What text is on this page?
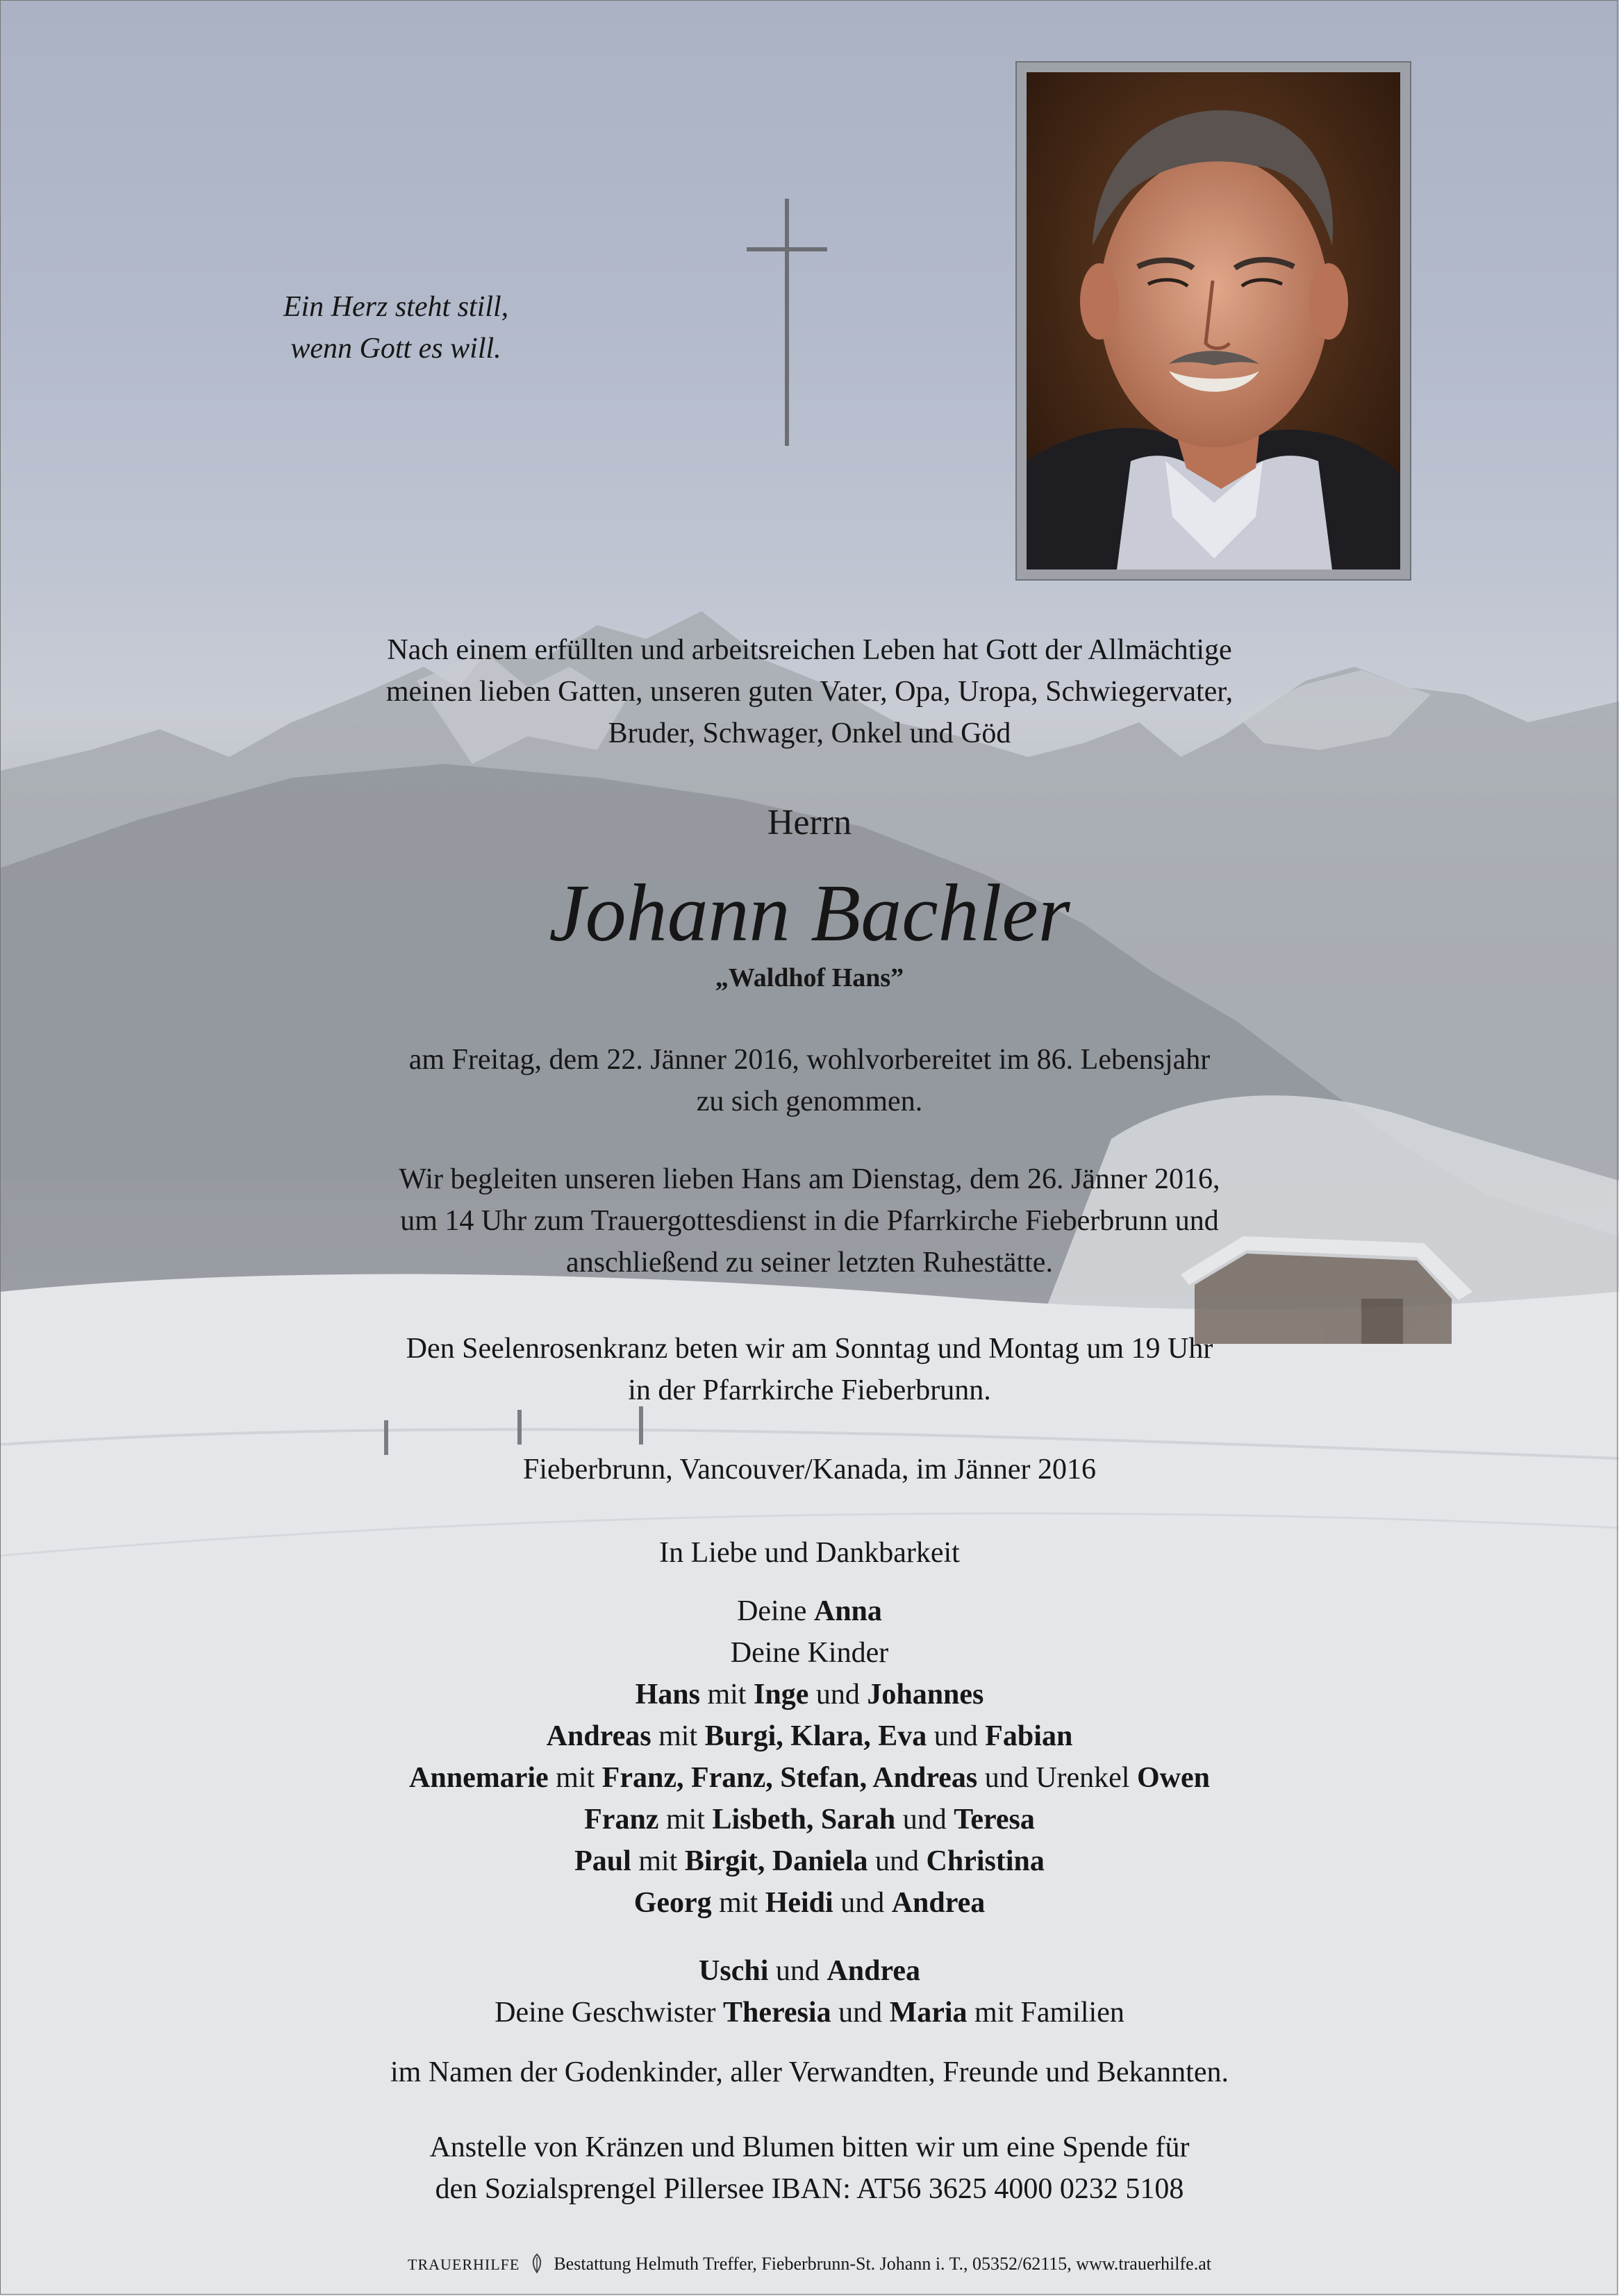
Ein Herz steht still,
wenn Gott es will.
Nach einem erfüllten und arbeitsreichen Leben hat Gott der Allmächtige
meinen lieben Gatten, unseren guten Vater, Opa, Uropa, Schwiegervater,
Bruder, Schwager, Onkel und Göd
Herrn
Johann Bachler
„Waldhof Hans”
am Freitag, dem 22. Jänner 2016, wohlvorbereitet im 86. Lebensjahr
zu sich genommen.
Wir begleiten unseren lieben Hans am Dienstag, dem 26. Jänner 2016,
um 14 Uhr zum Trauergottesdienst in die Pfarrkirche Fieberbrunn und
anschließend zu seiner letzten Ruhestätte.
Den Seelenrosenkranz beten wir am Sonntag und Montag um 19 Uhr
in der Pfarrkirche Fieberbrunn.
Fieberbrunn, Vancouver/Kanada, im Jänner 2016
In Liebe und Dankbarkeit
Deine Anna
Deine Kinder
Hans mit Inge und Johannes
Andreas mit Burgi, Klara, Eva und Fabian
Annemarie mit Franz, Franz, Stefan, Andreas und Urenkel Owen
Franz mit Lisbeth, Sarah und Teresa
Paul mit Birgit, Daniela und Christina
Georg mit Heidi und Andrea
Uschi und Andrea
Deine Geschwister Theresia und Maria mit Familien
im Namen der Godenkinder, aller Verwandten, Freunde und Bekannten.
Anstelle von Kränzen und Blumen bitten wir um eine Spende für
den Sozialsprengel Pillersee IBAN: AT56 3625 4000 0232 5108
TRAUERHILFE Bestattung Helmuth Treffer, Fieberbrunn-St. Johann i. T., 05352/62115, www.trauerhilfe.at
